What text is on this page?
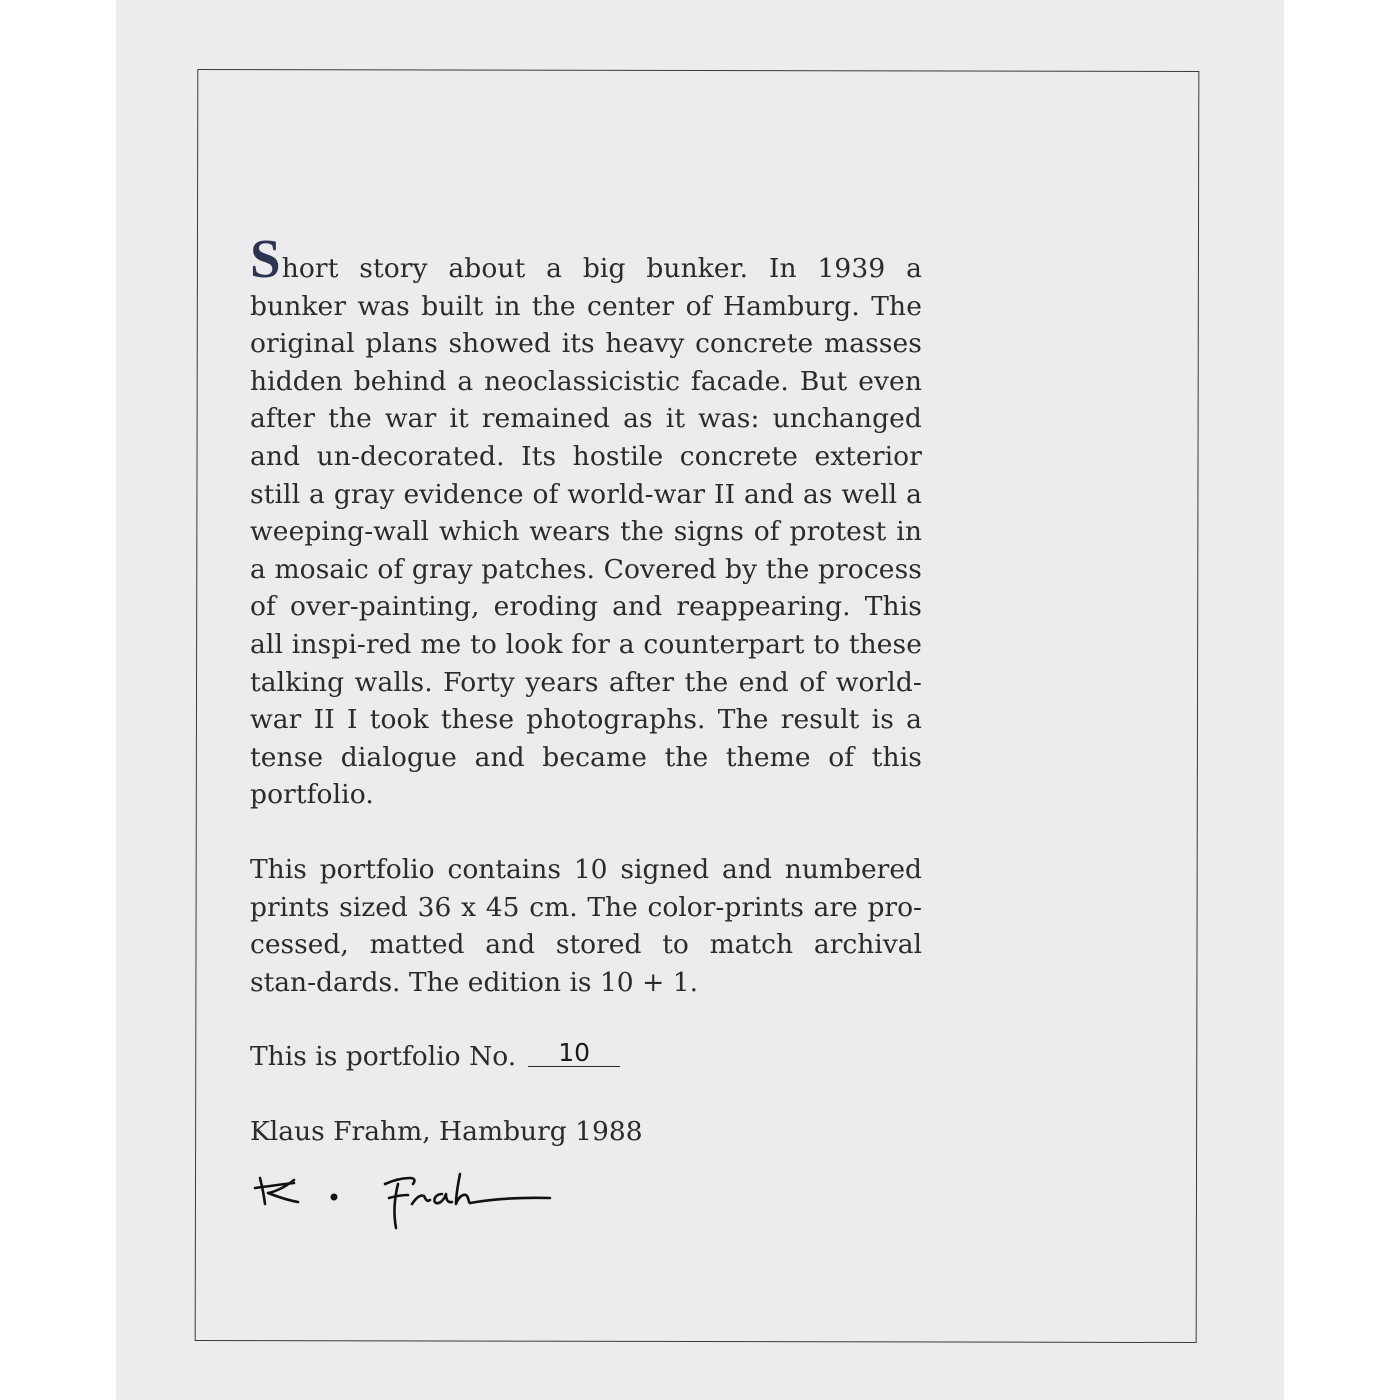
Short story about a big bunker. In 1939 a bunker was built in the center of Hamburg. The original plans showed its heavy concrete masses hidden behind a neoclassicistic facade. But even after the war it remained as it was: unchanged and un-decorated. Its hostile concrete exterior still a gray evidence of world-war II and as well a weeping-wall which wears the signs of protest in a mosaic of gray patches. Covered by the process of over-painting, eroding and reappearing. This all inspi-red me to look for a counterpart to these talking walls. Forty years after the end of world-war II I took these photographs. The result is a tense dialogue and became the theme of this portfolio.

This portfolio contains 10 signed and numbered prints sized 36 x 45 cm. The color-prints are pro-cessed, matted and stored to match archival stan-dards. The edition is 10 + 1.

This is portfolio No. 10

Klaus Frahm, Hamburg 1988
